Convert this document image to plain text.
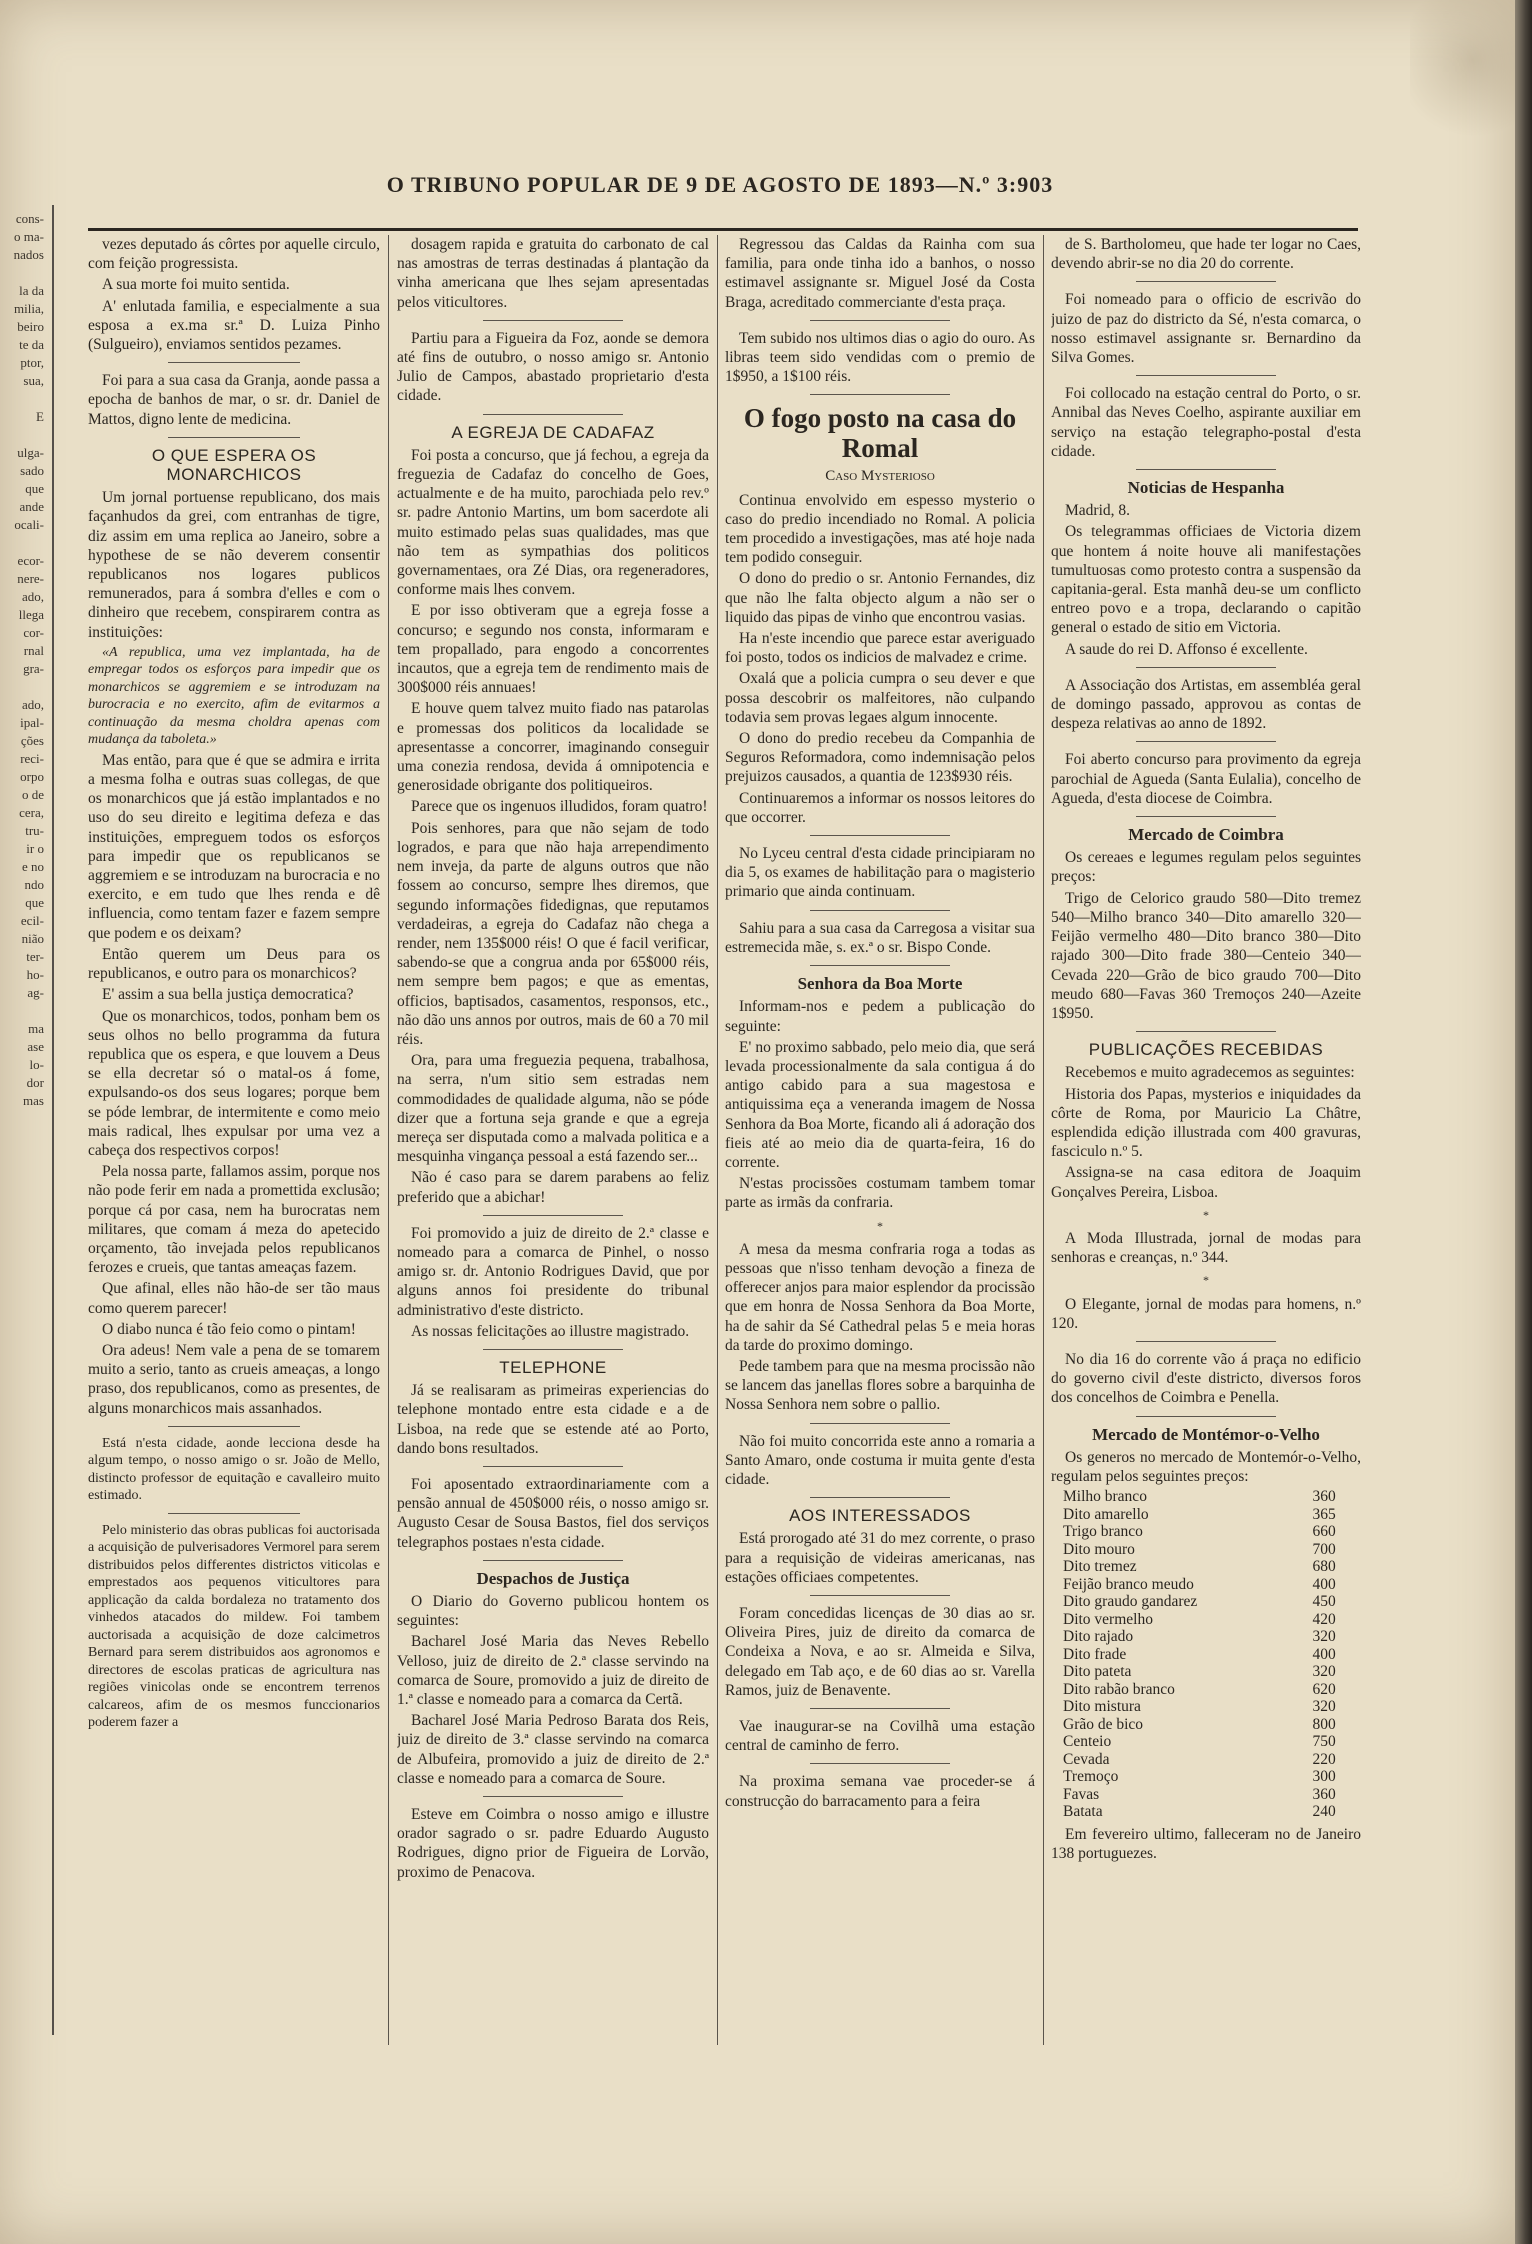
cons-
o ma-
nados

la da
milia,
beiro
te da
ptor,
sua,

E

ulga-
sado
que
ande
ocali-

ecor-
nere-
ado,
llega
cor-
rnal
gra-

ado,
ipal-
ções
reci-
orpo
o de
cera,
tru-
ir o
e no
ndo
que
ecil-
nião
ter-
ho-
ag-

ma
ase
lo-
dor
mas
O TRIBUNO POPULAR DE 9 DE AGOSTO DE 1893—N.º 3:903

vezes deputado ás côrtes por aquelle circulo, com feição progressista.

A sua morte foi muito sentida.

A' enlutada familia, e especialmente a sua esposa a ex.ma sr.ª D. Luiza Pinho (Sulgueiro), enviamos sentidos pezames.

Foi para a sua casa da Granja, aonde passa a epocha de banhos de mar, o sr. dr. Daniel de Mattos, digno lente de medicina.

O QUE ESPERA OS MONARCHICOS

Um jornal portuense republicano, dos mais façanhudos da grei, com entranhas de tigre, diz assim em uma replica ao Janeiro, sobre a hypothese de se não deverem consentir republicanos nos logares publicos remunerados, para á sombra d'elles e com o dinheiro que recebem, conspirarem contra as instituições:

«A republica, uma vez implantada, ha de empregar todos os esforços para impedir que os monarchicos se aggremiem e se introduzam na burocracia e no exercito, afim de evitarmos a continuação da mesma choldra apenas com mudança da taboleta.»

Mas então, para que é que se admira e irrita a mesma folha e outras suas collegas, de que os monarchicos que já estão implantados e no uso do seu direito e legitima defeza e das instituições, empreguem todos os esforços para impedir que os republicanos se aggremiem e se introduzam na burocracia e no exercito, e em tudo que lhes renda e dê influencia, como tentam fazer e fazem sempre que podem e os deixam?

Então querem um Deus para os republicanos, e outro para os monarchicos?

E' assim a sua bella justiça democratica?

Que os monarchicos, todos, ponham bem os seus olhos no bello programma da futura republica que os espera, e que louvem a Deus se ella decretar só o matal-os á fome, expulsando-os dos seus logares; porque bem se póde lembrar, de intermitente e como meio mais radical, lhes expulsar por uma vez a cabeça dos respectivos corpos!

Pela nossa parte, fallamos assim, porque nos não pode ferir em nada a promettida exclusão; porque cá por casa, nem ha burocratas nem militares, que comam á meza do apetecido orçamento, tão invejada pelos republicanos ferozes e crueis, que tantas ameaças fazem.

Que afinal, elles não hão-de ser tão maus como querem parecer!

O diabo nunca é tão feio como o pintam!

Ora adeus! Nem vale a pena de se tomarem muito a serio, tanto as crueis ameaças, a longo praso, dos republicanos, como as presentes, de alguns monarchicos mais assanhados.

Está n'esta cidade, aonde lecciona desde ha algum tempo, o nosso amigo o sr. João de Mello, distincto professor de equitação e cavalleiro muito estimado.

Pelo ministerio das obras publicas foi auctorisada a acquisição de pulverisadores Vermorel para serem distribuidos pelos differentes districtos viticolas e emprestados aos pequenos viticultores para applicação da calda bordaleza no tratamento dos vinhedos atacados do mildew. Foi tambem auctorisada a acquisição de doze calcimetros Bernard para serem distribuidos aos agronomos e directores de escolas praticas de agricultura nas regiões vinicolas onde se encontrem terrenos calcareos, afim de os mesmos funccionarios poderem fazer a

dosagem rapida e gratuita do carbonato de cal nas amostras de terras destinadas á plantação da vinha americana que lhes sejam apresentadas pelos viticultores.

Partiu para a Figueira da Foz, aonde se demora até fins de outubro, o nosso amigo sr. Antonio Julio de Campos, abastado proprietario d'esta cidade.

A EGREJA DE CADAFAZ

Foi posta a concurso, que já fechou, a egreja da freguezia de Cadafaz do concelho de Goes, actualmente e de ha muito, parochiada pelo rev.º sr. padre Antonio Martins, um bom sacerdote ali muito estimado pelas suas qualidades, mas que não tem as sympathias dos politicos governamentaes, ora Zé Dias, ora regeneradores, conforme mais lhes convem.

E por isso obtiveram que a egreja fosse a concurso; e segundo nos consta, informaram e tem propallado, para engodo a concorrentes incautos, que a egreja tem de rendimento mais de 300$000 réis annuaes!

E houve quem talvez muito fiado nas patarolas e promessas dos politicos da localidade se apresentasse a concorrer, imaginando conseguir uma conezia rendosa, devida á omnipotencia e generosidade obrigante dos politiqueiros.

Parece que os ingenuos illudidos, foram quatro!

Pois senhores, para que não sejam de todo logrados, e para que não haja arrependimento nem inveja, da parte de alguns outros que não fossem ao concurso, sempre lhes diremos, que segundo informações fidedignas, que reputamos verdadeiras, a egreja do Cadafaz não chega a render, nem 135$000 réis! O que é facil verificar, sabendo-se que a congrua anda por 65$000 réis, nem sempre bem pagos; e que as ementas, officios, baptisados, casamentos, responsos, etc., não dão uns annos por outros, mais de 60 a 70 mil réis.

Ora, para uma freguezia pequena, trabalhosa, na serra, n'um sitio sem estradas nem commodidades de qualidade alguma, não se póde dizer que a fortuna seja grande e que a egreja mereça ser disputada como a malvada politica e a mesquinha vingança pessoal a está fazendo ser...

Não é caso para se darem parabens ao feliz preferido que a abichar!

Foi promovido a juiz de direito de 2.ª classe e nomeado para a comarca de Pinhel, o nosso amigo sr. dr. Antonio Rodrigues David, que por alguns annos foi presidente do tribunal administrativo d'este districto.

As nossas felicitações ao illustre magistrado.

TELEPHONE

Já se realisaram as primeiras experiencias do telephone montado entre esta cidade e a de Lisboa, na rede que se estende até ao Porto, dando bons resultados.

Foi aposentado extraordinariamente com a pensão annual de 450$000 réis, o nosso amigo sr. Augusto Cesar de Sousa Bastos, fiel dos serviços telegraphos postaes n'esta cidade.

Despachos de Justiça

O Diario do Governo publicou hontem os seguintes:

Bacharel José Maria das Neves Rebello Velloso, juiz de direito de 2.ª classe servindo na comarca de Soure, promovido a juiz de direito de 1.ª classe e nomeado para a comarca da Certã.

Bacharel José Maria Pedroso Barata dos Reis, juiz de direito de 3.ª classe servindo na comarca de Albufeira, promovido a juiz de direito de 2.ª classe e nomeado para a comarca de Soure.

Esteve em Coimbra o nosso amigo e illustre orador sagrado o sr. padre Eduardo Augusto Rodrigues, digno prior de Figueira de Lorvão, proximo de Penacova.

Regressou das Caldas da Rainha com sua familia, para onde tinha ido a banhos, o nosso estimavel assignante sr. Miguel José da Costa Braga, acreditado commerciante d'esta praça.

Tem subido nos ultimos dias o agio do ouro. As libras teem sido vendidas com o premio de 1$950, a 1$100 réis.

O fogo posto na casa do Romal
Caso Mysterioso

Continua envolvido em espesso mysterio o caso do predio incendiado no Romal. A policia tem procedido a investigações, mas até hoje nada tem podido conseguir.

O dono do predio o sr. Antonio Fernandes, diz que não lhe falta objecto algum a não ser o liquido das pipas de vinho que encontrou vasias.

Ha n'este incendio que parece estar averiguado foi posto, todos os indicios de malvadez e crime.

Oxalá que a policia cumpra o seu dever e que possa descobrir os malfeitores, não culpando todavia sem provas legaes algum innocente.

O dono do predio recebeu da Companhia de Seguros Reformadora, como indemnisação pelos prejuizos causados, a quantia de 123$930 réis.

Continuaremos a informar os nossos leitores do que occorrer.

No Lyceu central d'esta cidade principiaram no dia 5, os exames de habilitação para o magisterio primario que ainda continuam.

Sahiu para a sua casa da Carregosa a visitar sua estremecida mãe, s. ex.ª o sr. Bispo Conde.

Senhora da Boa Morte

Informam-nos e pedem a publicação do seguinte:

E' no proximo sabbado, pelo meio dia, que será levada processionalmente da sala contigua á do antigo cabido para a sua magestosa e antiquissima eça a veneranda imagem de Nossa Senhora da Boa Morte, ficando ali á adoração dos fieis até ao meio dia de quarta-feira, 16 do corrente.

N'estas procissões costumam tambem tomar parte as irmãs da confraria.

*

A mesa da mesma confraria roga a todas as pessoas que n'isso tenham devoção a fineza de offerecer anjos para maior esplendor da procissão que em honra de Nossa Senhora da Boa Morte, ha de sahir da Sé Cathedral pelas 5 e meia horas da tarde do proximo domingo.

Pede tambem para que na mesma procissão não se lancem das janellas flores sobre a barquinha de Nossa Senhora nem sobre o pallio.

Não foi muito concorrida este anno a romaria a Santo Amaro, onde costuma ir muita gente d'esta cidade.

AOS INTERESSADOS

Está prorogado até 31 do mez corrente, o praso para a requisição de videiras americanas, nas estações officiaes competentes.

Foram concedidas licenças de 30 dias ao sr. Oliveira Pires, juiz de direito da comarca de Condeixa a Nova, e ao sr. Almeida e Silva, delegado em Tab aço, e de 60 dias ao sr. Varella Ramos, juiz de Benavente.

Vae inaugurar-se na Covilhã uma estação central de caminho de ferro.

Na proxima semana vae proceder-se á construcção do barracamento para a feira

de S. Bartholomeu, que hade ter logar no Caes, devendo abrir-se no dia 20 do corrente.

Foi nomeado para o officio de escrivão do juizo de paz do districto da Sé, n'esta comarca, o nosso estimavel assignante sr. Bernardino da Silva Gomes.

Foi collocado na estação central do Porto, o sr. Annibal das Neves Coelho, aspirante auxiliar em serviço na estação telegrapho-postal d'esta cidade.

Noticias de Hespanha

Madrid, 8.

Os telegrammas officiaes de Victoria dizem que hontem á noite houve ali manifestações tumultuosas como protesto contra a suspensão da capitania-geral. Esta manhã deu-se um conflicto entreo povo e a tropa, declarando o capitão general o estado de sitio em Victoria.

A saude do rei D. Affonso é excellente.

A Associação dos Artistas, em assembléa geral de domingo passado, approvou as contas de despeza relativas ao anno de 1892.

Foi aberto concurso para provimento da egreja parochial de Agueda (Santa Eulalia), concelho de Agueda, d'esta diocese de Coimbra.

Mercado de Coimbra

Os cereaes e legumes regulam pelos seguintes preços:

Trigo de Celorico graudo 580—Dito tremez 540—Milho branco 340—Dito amarello 320—Feijão vermelho 480—Dito branco 380—Dito rajado 300—Dito frade 380—Centeio 340—Cevada 220—Grão de bico graudo 700—Dito meudo 680—Favas 360 Tremoços 240—Azeite 1$950.

PUBLICAÇÕES RECEBIDAS

Recebemos e muito agradecemos as seguintes:

Historia dos Papas, mysterios e iniquidades da côrte de Roma, por Mauricio La Châtre, esplendida edição illustrada com 400 gravuras, fasciculo n.º 5.

Assigna-se na casa editora de Joaquim Gonçalves Pereira, Lisboa.

*

A Moda Illustrada, jornal de modas para senhoras e creanças, n.º 344.

*

O Elegante, jornal de modas para homens, n.º 120.

No dia 16 do corrente vão á praça no edificio do governo civil d'este districto, diversos foros dos concelhos de Coimbra e Penella.

Mercado de Montémor-o-Velho

Os generos no mercado de Montemór-o-Velho, regulam pelos seguintes preços:

Milho branco	360
Dito amarello	365
Trigo branco	660
Dito mouro	700
Dito tremez	680
Feijão branco meudo	400
Dito graudo gandarez	450
Dito vermelho	420
Dito rajado	320
Dito frade	400
Dito pateta	320
Dito rabão branco	620
Dito mistura	320
Grão de bico	800
Centeio	750
Cevada	220
Tremoço	300
Favas	360
Batata	240

Em fevereiro ultimo, falleceram no de Janeiro 138 portuguezes.
